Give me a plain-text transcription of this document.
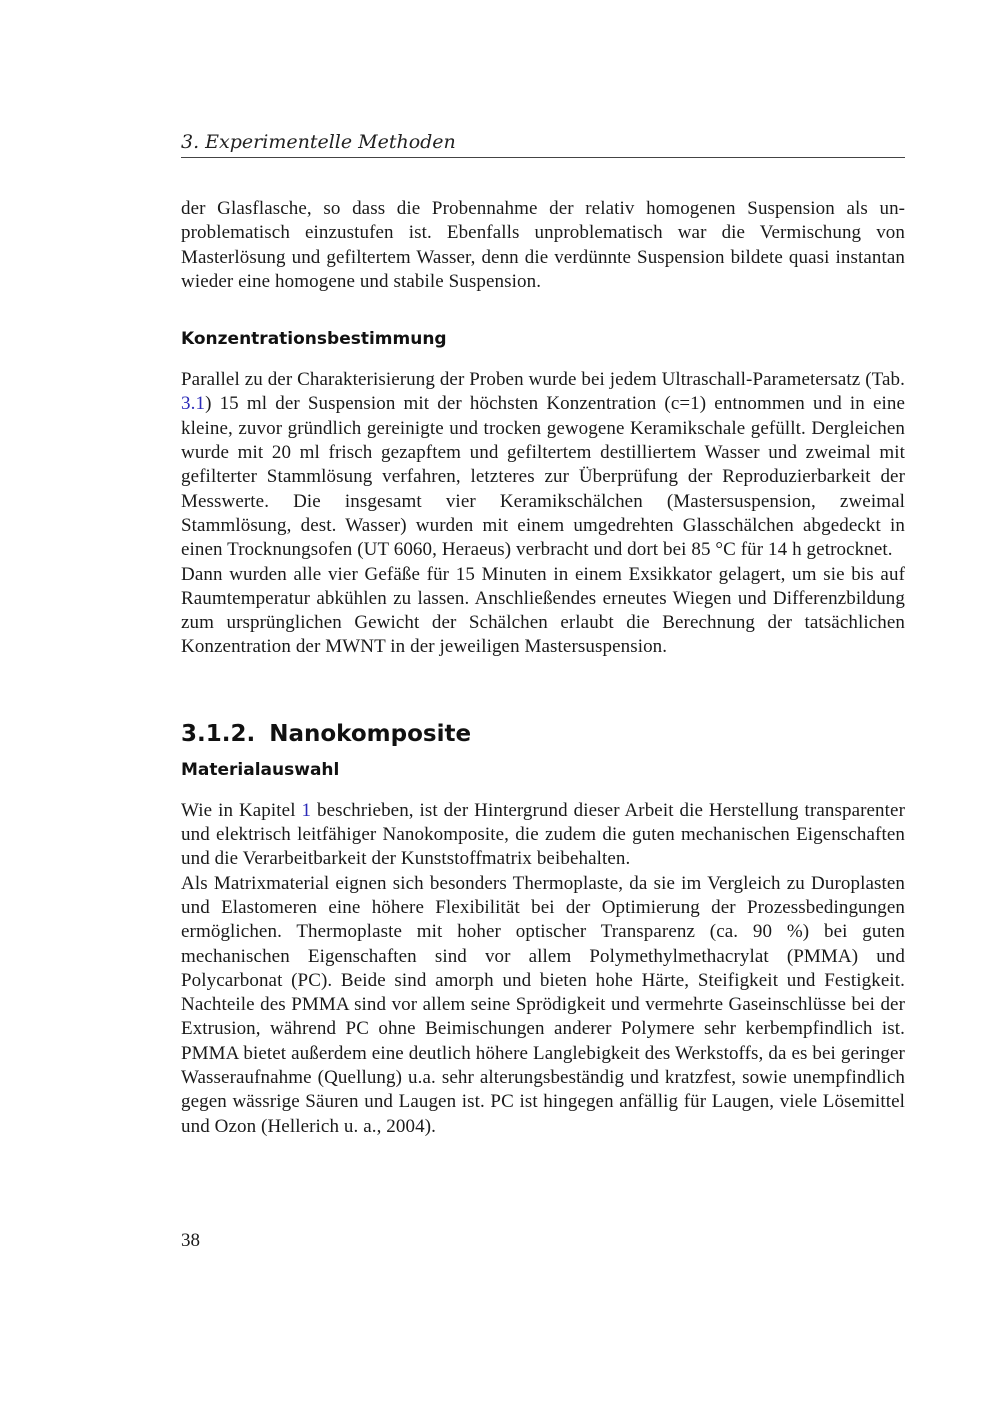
3. Experimentelle Methoden

der Glasflasche, so dass die Probennahme der relativ homogenen Suspension als unproblematisch einzustufen ist. Ebenfalls unproblematisch war die Vermischung von Masterlösung und gefiltertem Wasser, denn die verdünnte Suspension bildete quasi instantan wieder eine homogene und stabile Suspension.

Konzentrationsbestimmung

Parallel zu der Charakterisierung der Proben wurde bei jedem Ultraschall-Parametersatz (Tab. 3.1) 15 ml der Suspension mit der höchsten Konzentration (c=1) entnommen und in eine kleine, zuvor gründlich gereinigte und trocken gewogene Keramikschale gefüllt. Dergleichen wurde mit 20 ml frisch gezapftem und gefiltertem destilliertem Wasser und zweimal mit gefilterter Stammlösung verfahren, letzteres zur Überprüfung der Reproduzierbarkeit der Messwerte. Die insgesamt vier Keramikschälchen (Mastersuspension, zweimal Stammlösung, dest. Wasser) wurden mit einem umgedrehten Glasschälchen abgedeckt in einen Trocknungsofen (UT 6060, Heraeus) verbracht und dort bei 85 °C für 14 h getrocknet.

Dann wurden alle vier Gefäße für 15 Minuten in einem Exsikkator gelagert, um sie bis auf Raumtemperatur abkühlen zu lassen. Anschließendes erneutes Wiegen und Differenzbildung zum ursprünglichen Gewicht der Schälchen erlaubt die Berechnung der tatsächlichen Konzentration der MWNT in der jeweiligen Mastersuspension.

3.1.2. Nanokomposite
Materialauswahl

Wie in Kapitel 1 beschrieben, ist der Hintergrund dieser Arbeit die Herstellung transparenter und elektrisch leitfähiger Nanokomposite, die zudem die guten mechanischen Eigenschaften und die Verarbeitbarkeit der Kunststoffmatrix beibehalten.

Als Matrixmaterial eignen sich besonders Thermoplaste, da sie im Vergleich zu Duroplasten und Elastomeren eine höhere Flexibilität bei der Optimierung der Prozessbedingungen ermöglichen. Thermoplaste mit hoher optischer Transparenz (ca. 90 %) bei guten mechanischen Eigenschaften sind vor allem Polymethylmethacrylat (PMMA) und Polycarbonat (PC). Beide sind amorph und bieten hohe Härte, Steifigkeit und Festigkeit. Nachteile des PMMA sind vor allem seine Sprödigkeit und vermehrte Gaseinschlüsse bei der Extrusion, während PC ohne Beimischungen anderer Polymere sehr kerbempfindlich ist. PMMA bietet außerdem eine deutlich höhere Langlebigkeit des Werkstoffs, da es bei geringer Wasseraufnahme (Quellung) u.a. sehr alterungsbeständig und kratzfest, sowie unempfindlich gegen wässrige Säuren und Laugen ist. PC ist hingegen anfällig für Laugen, viele Lösemittel und Ozon (Hellerich u. a., 2004).

38
